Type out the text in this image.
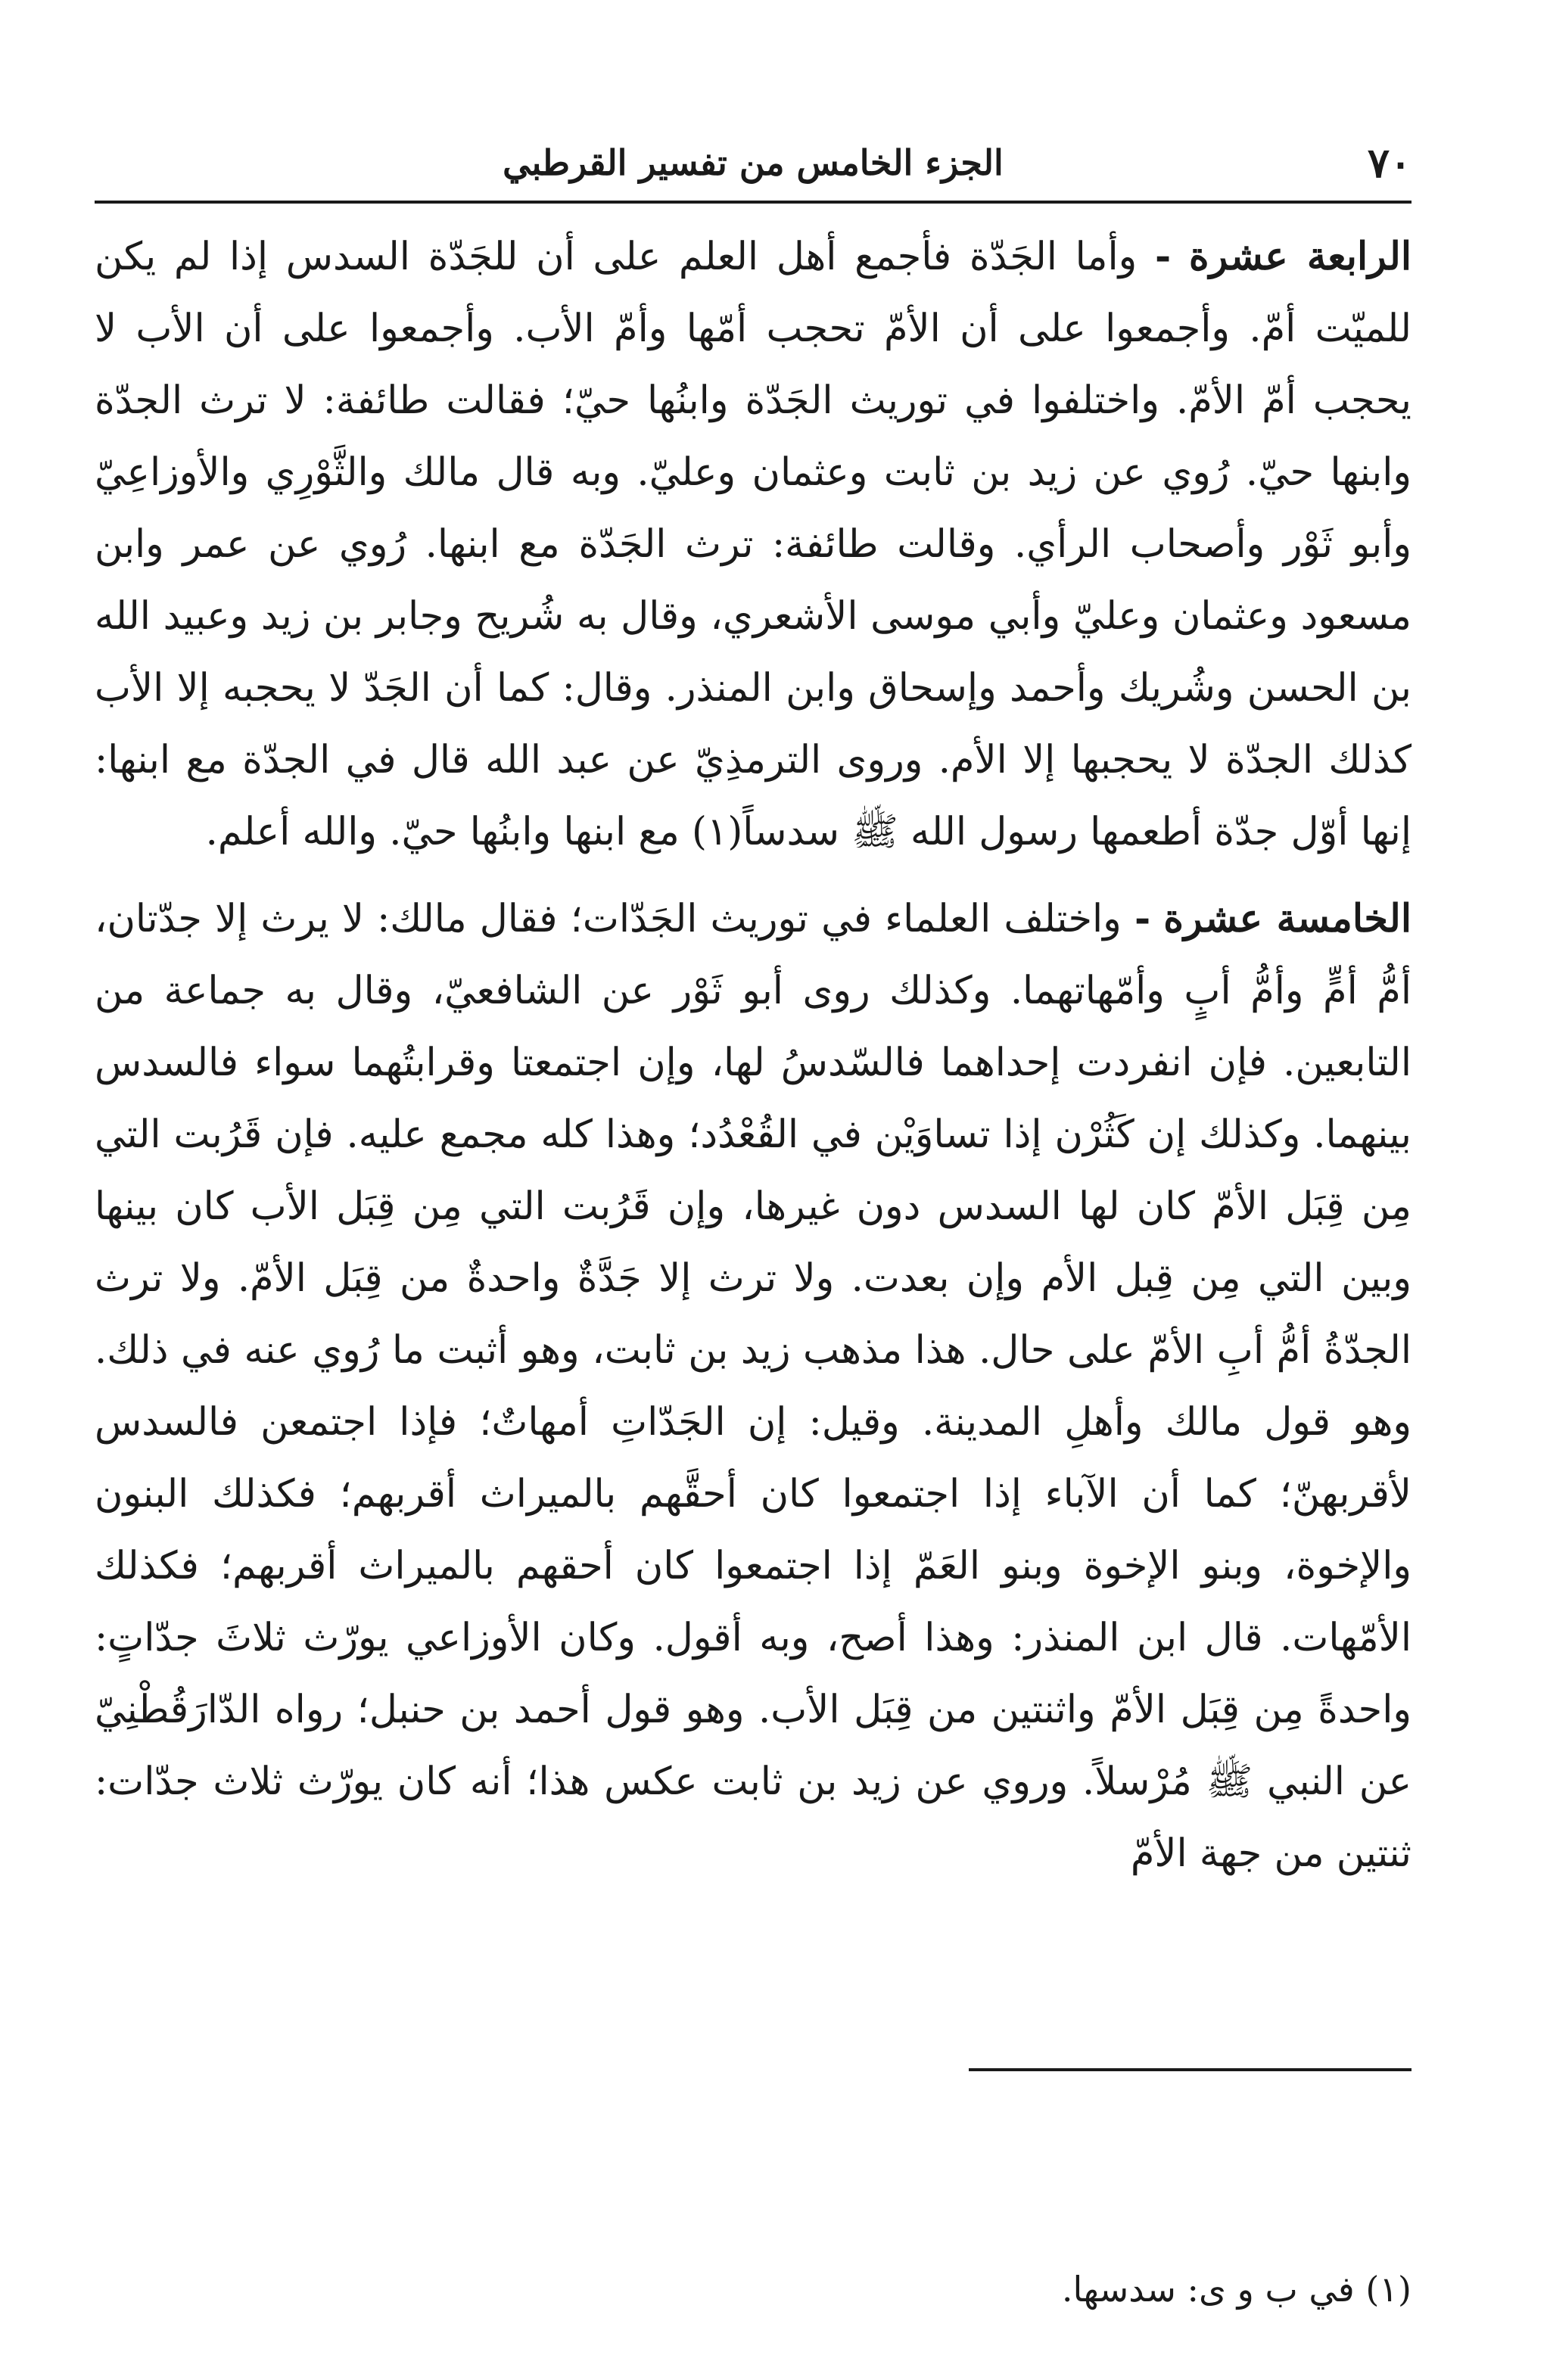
٧٠
الجزء الخامس من تفسير القرطبي

الرابعة عشرة - وأما الجَدّة فأجمع أهل العلم على أن للجَدّة السدس إذا لم يكن للميّت أمّ. وأجمعوا على أن الأمّ تحجب أمّها وأمّ الأب. وأجمعوا على أن الأب لا يحجب أمّ الأمّ. واختلفوا في توريث الجَدّة وابنُها حيّ؛ فقالت طائفة: لا ترث الجدّة وابنها حيّ. رُوي عن زيد بن ثابت وعثمان وعليّ. وبه قال مالك والثَّوْرِي والأوزاعِيّ وأبو ثَوْر وأصحاب الرأي. وقالت طائفة: ترث الجَدّة مع ابنها. رُوي عن عمر وابن مسعود وعثمان وعليّ وأبي موسى الأشعري، وقال به شُريح وجابر بن زيد وعبيد الله بن الحسن وشُريك وأحمد وإسحاق وابن المنذر. وقال: كما أن الجَدّ لا يحجبه إلا الأب كذلك الجدّة لا يحجبها إلا الأم. وروى الترمذِيّ عن عبد الله قال في الجدّة مع ابنها: إنها أوّل جدّة أطعمها رسول الله ﷺ سدساً(١) مع ابنها وابنُها حيّ. والله أعلم.

الخامسة عشرة - واختلف العلماء في توريث الجَدّات؛ فقال مالك: لا يرث إلا جدّتان، أمُّ أمٍّ وأمُّ أبٍ وأمّهاتهما. وكذلك روى أبو ثَوْر عن الشافعيّ، وقال به جماعة من التابعين. فإن انفردت إحداهما فالسّدسُ لها، وإن اجتمعتا وقرابتُهما سواء فالسدس بينهما. وكذلك إن كَثُرْن إذا تساوَيْن في القُعْدُد؛ وهذا كله مجمع عليه. فإن قَرُبت التي مِن قِبَل الأمّ كان لها السدس دون غيرها، وإن قَرُبت التي مِن قِبَل الأب كان بينها وبين التي مِن قِبل الأم وإن بعدت. ولا ترث إلا جَدَّةٌ واحدةٌ من قِبَل الأمّ. ولا ترث الجدّةُ أمُّ أبِ الأمّ على حال. هذا مذهب زيد بن ثابت، وهو أثبت ما رُوي عنه في ذلك. وهو قول مالك وأهلِ المدينة. وقيل: إن الجَدّاتِ أمهاتٌ؛ فإذا اجتمعن فالسدس لأقربهنّ؛ كما أن الآباء إذا اجتمعوا كان أحقَّهم بالميراث أقربهم؛ فكذلك البنون والإخوة، وبنو الإخوة وبنو العَمّ إذا اجتمعوا كان أحقهم بالميراث أقربهم؛ فكذلك الأمّهات. قال ابن المنذر: وهذا أصح، وبه أقول. وكان الأوزاعي يورّث ثلاثَ جدّاتٍ: واحدةً مِن قِبَل الأمّ واثنتين من قِبَل الأب. وهو قول أحمد بن حنبل؛ رواه الدّارَقُطْنِيّ عن النبي ﷺ مُرْسلاً. وروي عن زيد بن ثابت عكس هذا؛ أنه كان يورّث ثلاث جدّات: ثنتين من جهة الأمّ

(١) في ب و ى: سدسها.
